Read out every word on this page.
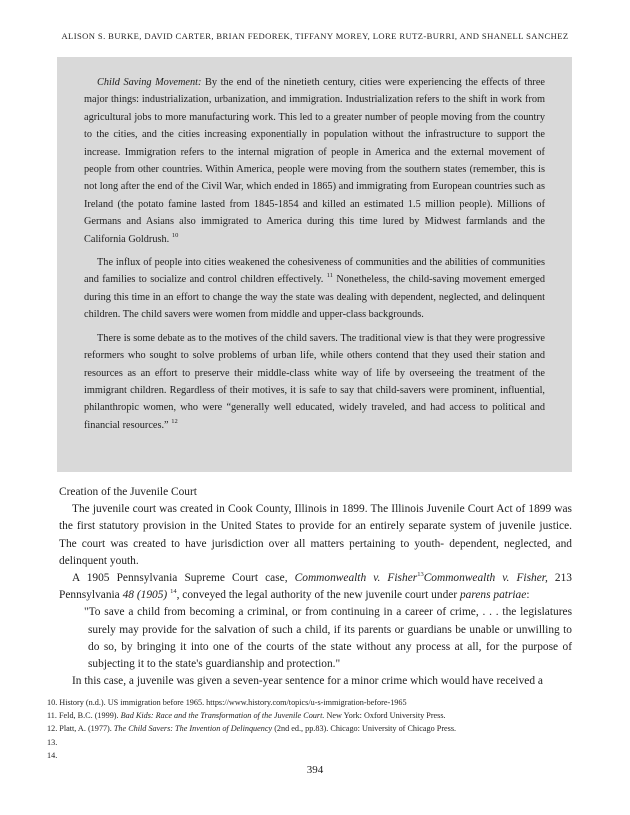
ALISON S. BURKE, DAVID CARTER, BRIAN FEDOREK, TIFFANY MOREY, LORE RUTZ-BURRI, AND SHANELL SANCHEZ

Child Saving Movement: By the end of the ninetieth century, cities were experiencing the effects of three major things: industrialization, urbanization, and immigration. Industrialization refers to the shift in work from agricultural jobs to more manufacturing work. This led to a greater number of people moving from the country to the cities, and the cities increasing exponentially in population without the infrastructure to support the increase. Immigration refers to the internal migration of people in America and the external movement of people from other countries. Within America, people were moving from the southern states (remember, this is not long after the end of the Civil War, which ended in 1865) and immigrating from European countries such as Ireland (the potato famine lasted from 1845-1854 and killed an estimated 1.5 million people). Millions of Germans and Asians also immigrated to America during this time lured by Midwest farmlands and the California Goldrush. $^{10}$

The influx of people into cities weakened the cohesiveness of communities and the abilities of communities and families to socialize and control children effectively. $^{11}$ Nonetheless, the child-saving movement emerged during this time in an effort to change the way the state was dealing with dependent, neglected, and delinquent children. The child savers were women from middle and upper-class backgrounds.

There is some debate as to the motives of the child savers. The traditional view is that they were progressive reformers who sought to solve problems of urban life, while others contend that they used their station and resources as an effort to preserve their middle-class white way of life by overseeing the treatment of the immigrant children. Regardless of their motives, it is safe to say that child-savers were prominent, influential, philanthropic women, who were “generally well educated, widely traveled, and had access to political and financial resources.” $^{12}$

Creation of the Juvenile Court

The juvenile court was created in Cook County, Illinois in 1899. The Illinois Juvenile Court Act of 1899 was the first statutory provision in the United States to provide for an entirely separate system of juvenile justice. The court was created to have jurisdiction over all matters pertaining to youth- dependent, neglected, and delinquent youth.

A 1905 Pennsylvania Supreme Court case, Commonwealth v. Fisher$^{13}$Commonwealth v. Fisher, 213 Pennsylvania 48 (1905) $^{14}$, conveyed the legal authority of the new juvenile court under parens patriae:

"To save a child from becoming a criminal, or from continuing in a career of crime, . . . the legislatures surely may provide for the salvation of such a child, if its parents or guardians be unable or unwilling to do so, by bringing it into one of the courts of the state without any process at all, for the purpose of subjecting it to the state's guardianship and protection."

In this case, a juvenile was given a seven-year sentence for a minor crime which would have received a

10. History (n.d.). US immigration before 1965. https://www.history.com/topics/u-s-immigration-before-1965
11. Feld, B.C. (1999). Bad Kids: Race and the Transformation of the Juvenile Court. New York: Oxford University Press.
12. Platt, A. (1977). The Child Savers: The Invention of Delinquency (2nd ed., pp.83). Chicago: University of Chicago Press.
13.
14.
394
